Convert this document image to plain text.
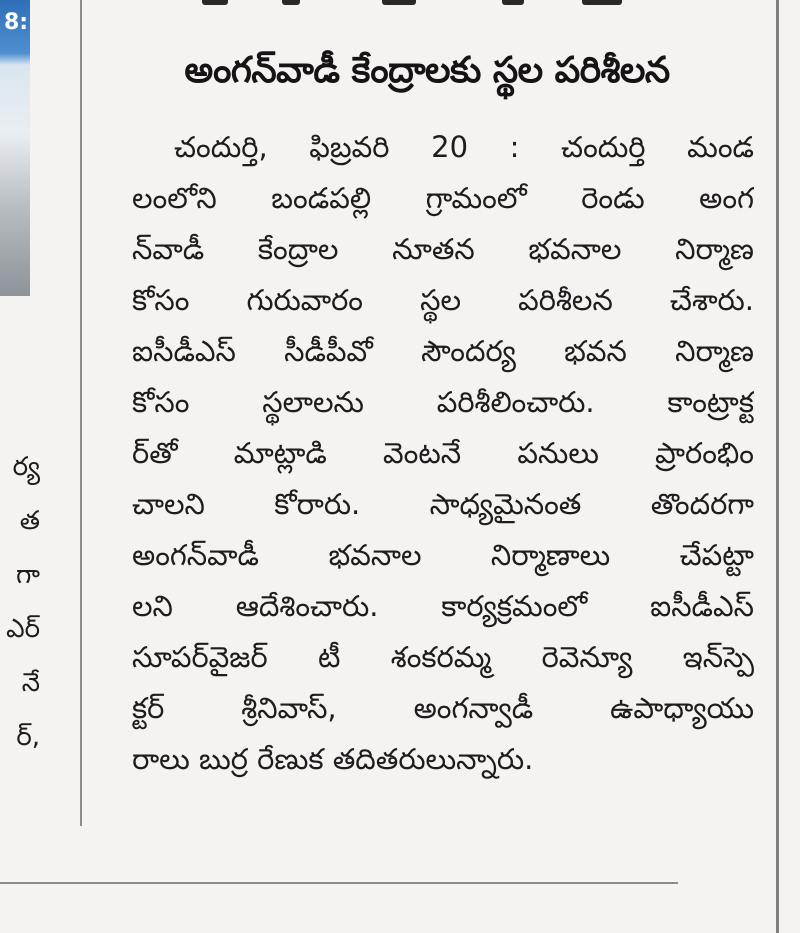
8:
ర్య
త
గా
ఎర్
నే
ర్,
అంగన్‌వాడీ కేంద్రాలకు స్థల పరిశీలన
చందుర్తి, ఫిబ్రవరి 20 : చందుర్తి మండ
లంలోని బండపల్లి గ్రామంలో రెండు అంగ
న్‌వాడీ కేంద్రాల నూతన భవనాల నిర్మాణ
కోసం గురువారం స్థల పరిశీలన చేశారు.
ఐసీడీఎస్ సీడీపీవో సౌందర్య భవన నిర్మాణ
కోసం స్థలాలను పరిశీలించారు. కాంట్రాక్ట
ర్‌తో మాట్లాడి వెంటనే పనులు ప్రారంభిం
చాలని కోరారు. సాధ్యమైనంత తొందరగా
అంగన్‌వాడీ భవనాల నిర్మాణాలు చేపట్టా
లని ఆదేశించారు. కార్యక్రమంలో ఐసీడీఎస్
సూపర్‌వైజర్ టీ శంకరమ్మ రెవెన్యూ ఇన్‌స్పె
క్టర్ శ్రీనివాస్, అంగన్వాడీ ఉపాధ్యాయు
రాలు బుర్ర రేణుక తదితరులున్నారు.
